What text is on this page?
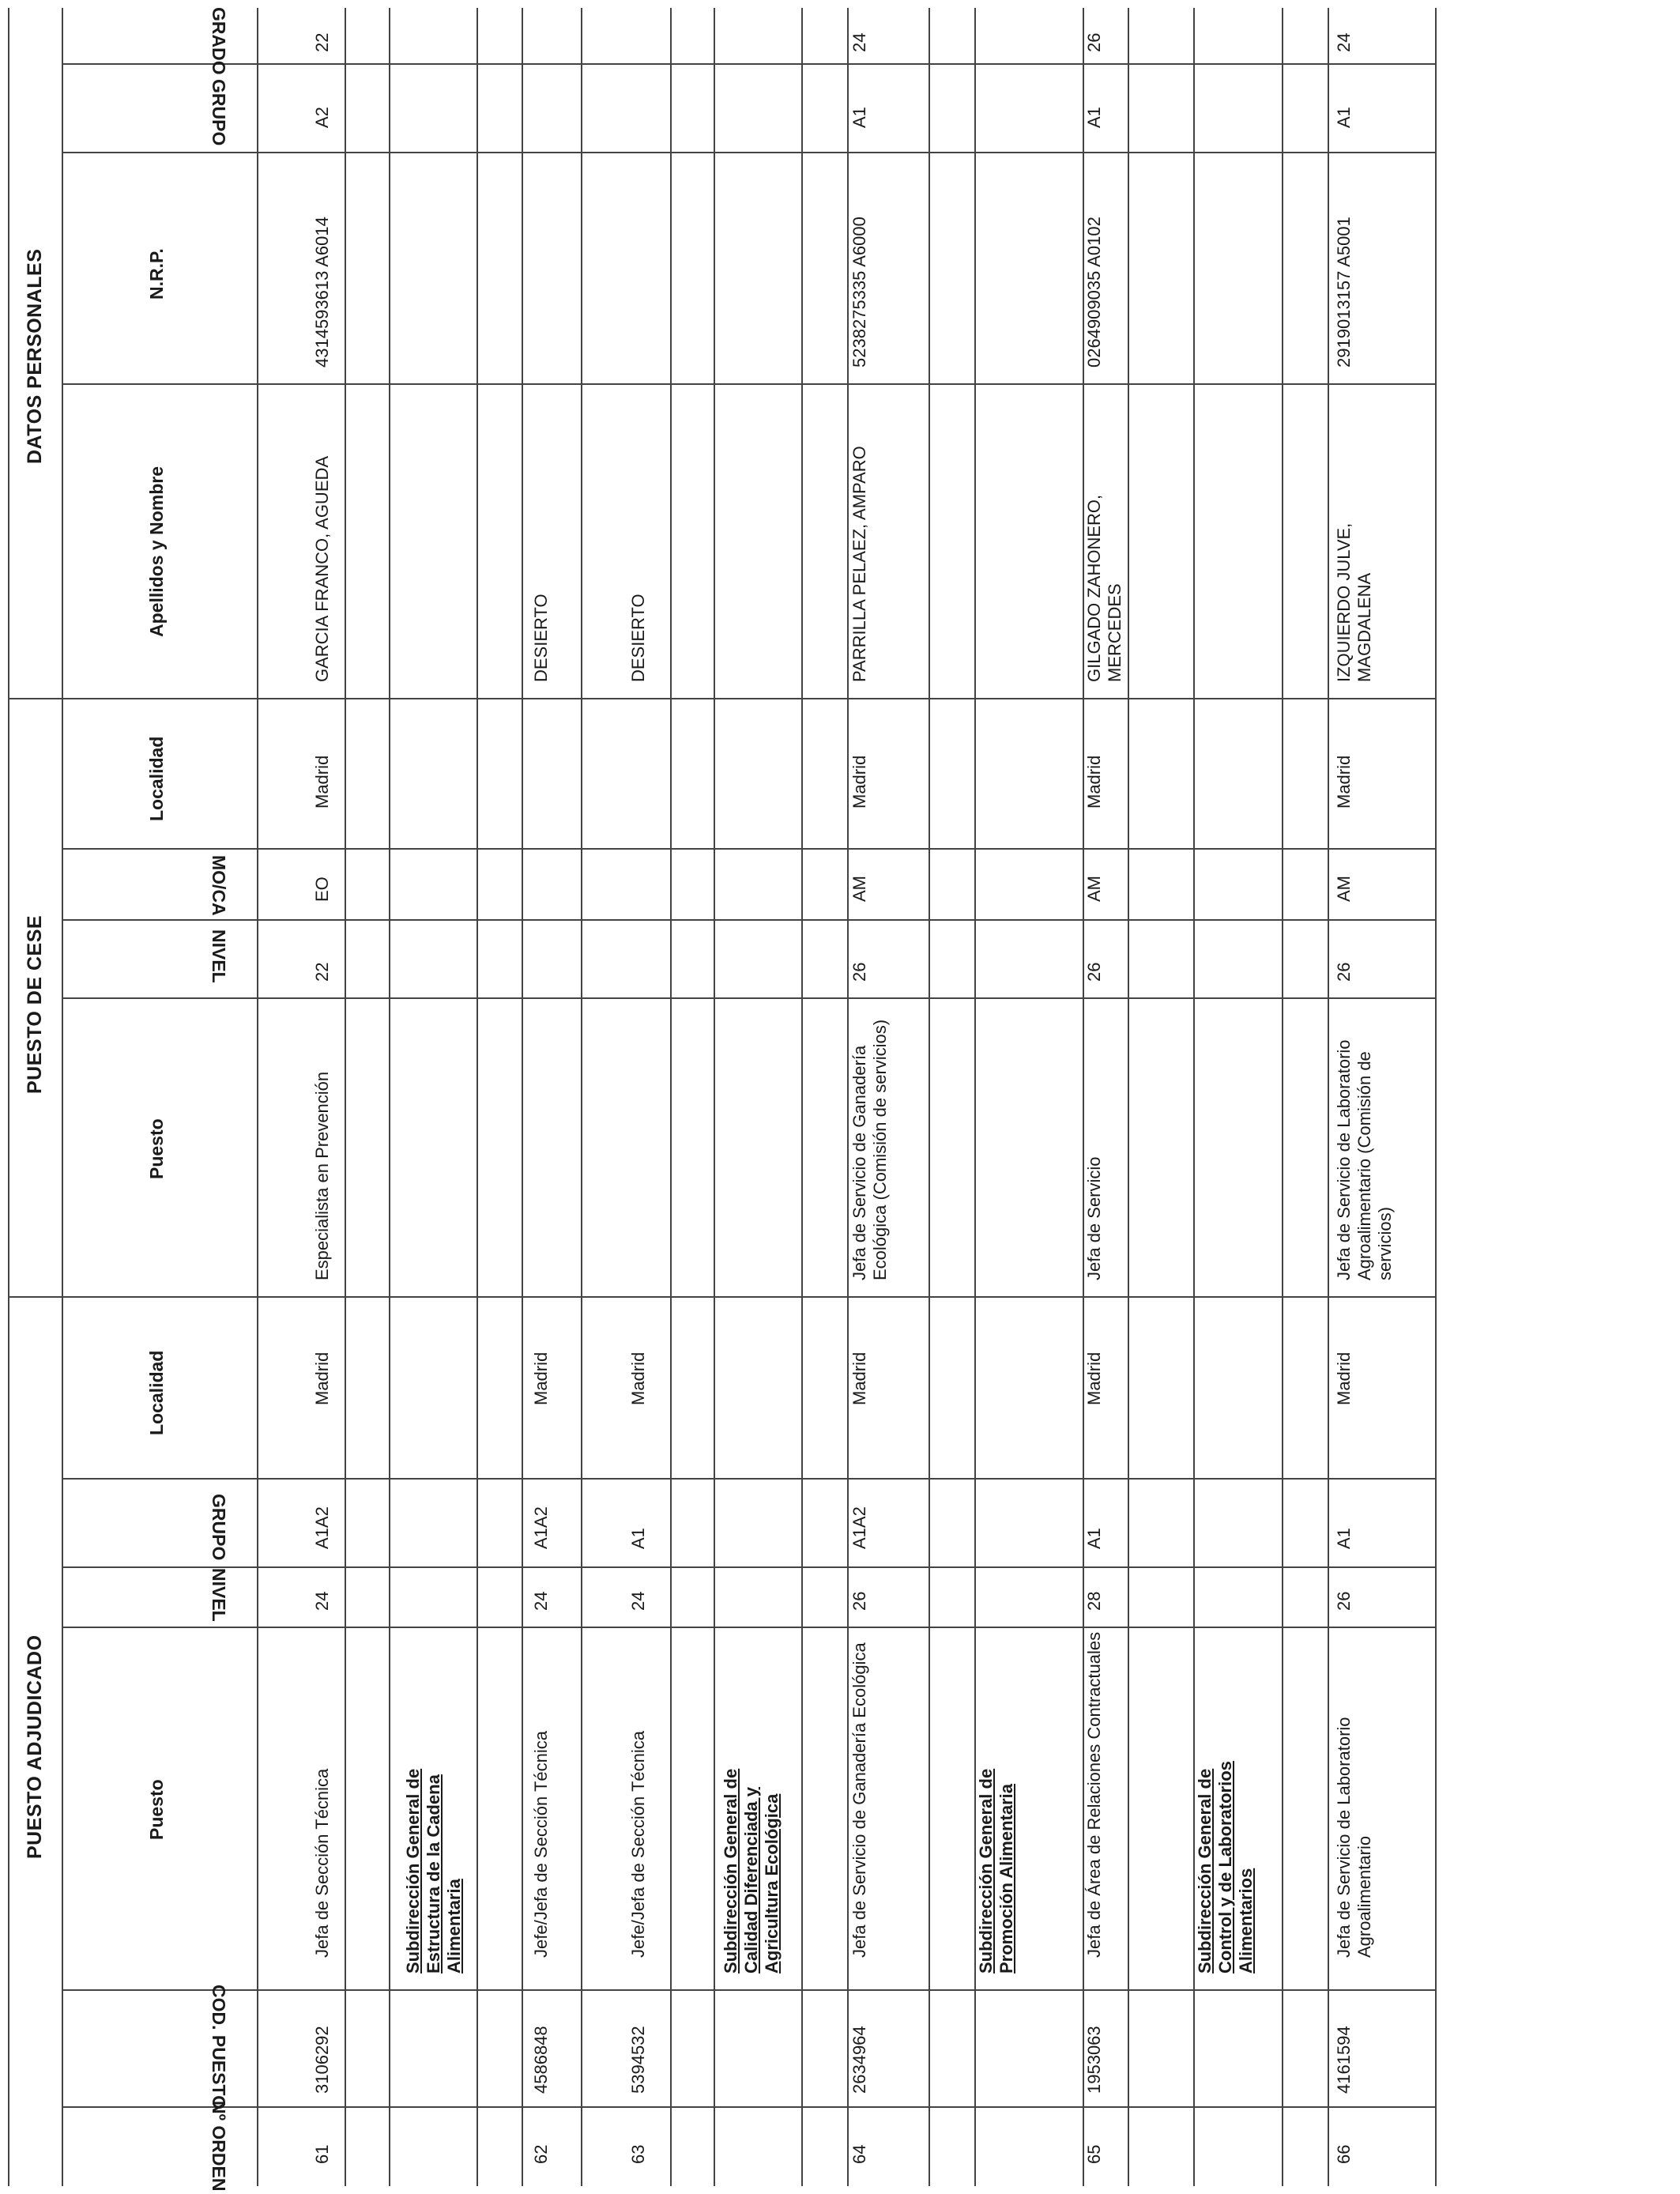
PUESTO ADJUDICADO
PUESTO DE CESE
DATOS PERSONALES
Nº ORDEN
COD. PUESTO
Puesto
NIVEL
GRUPO
Localidad
Puesto
NIVEL
MO/CA
Localidad
Apellidos y Nombre
N.R.P.
GRUPO
GRADO
61
3106292
Jefa de Sección Técnica
24
A1A2
Madrid
Especialista en Prevención
22
EO
Madrid
GARCIA FRANCO, AGUEDA
4314593613 A6014
A2
22
Subdirección General de Estructura de la Cadena Alimentaria
62
4586848
Jefe/Jefa de Sección Técnica
24
A1A2
Madrid
DESIERTO
63
5394532
Jefe/Jefa de Sección Técnica
24
A1
Madrid
DESIERTO
Subdirección General de Calidad Diferenciada y Agricultura Ecológica
64
2634964
Jefa de Servicio de Ganadería Ecológica
26
A1A2
Madrid
Jefa de Servicio de Ganadería Ecológica (Comisión de servicios)
26
AM
Madrid
PARRILLA PELAEZ, AMPARO
5238275335 A6000
A1
24
Subdirección General de Promoción Alimentaria
65
1953063
Jefa de Área de Relaciones Contractuales
28
A1
Madrid
Jefa de Servicio
26
AM
Madrid
GILGADO ZAHONERO, MERCEDES
0264909035 A0102
A1
26
Subdirección General de Control y de Laboratorios Alimentarios
66
4161594
Jefa de Servicio de Laboratorio Agroalimentario
26
A1
Madrid
Jefa de Servicio de Laboratorio Agroalimentario (Comisión de servicios)
26
AM
Madrid
IZQUIERDO JULVE, MAGDALENA
2919013157 A5001
A1
24
